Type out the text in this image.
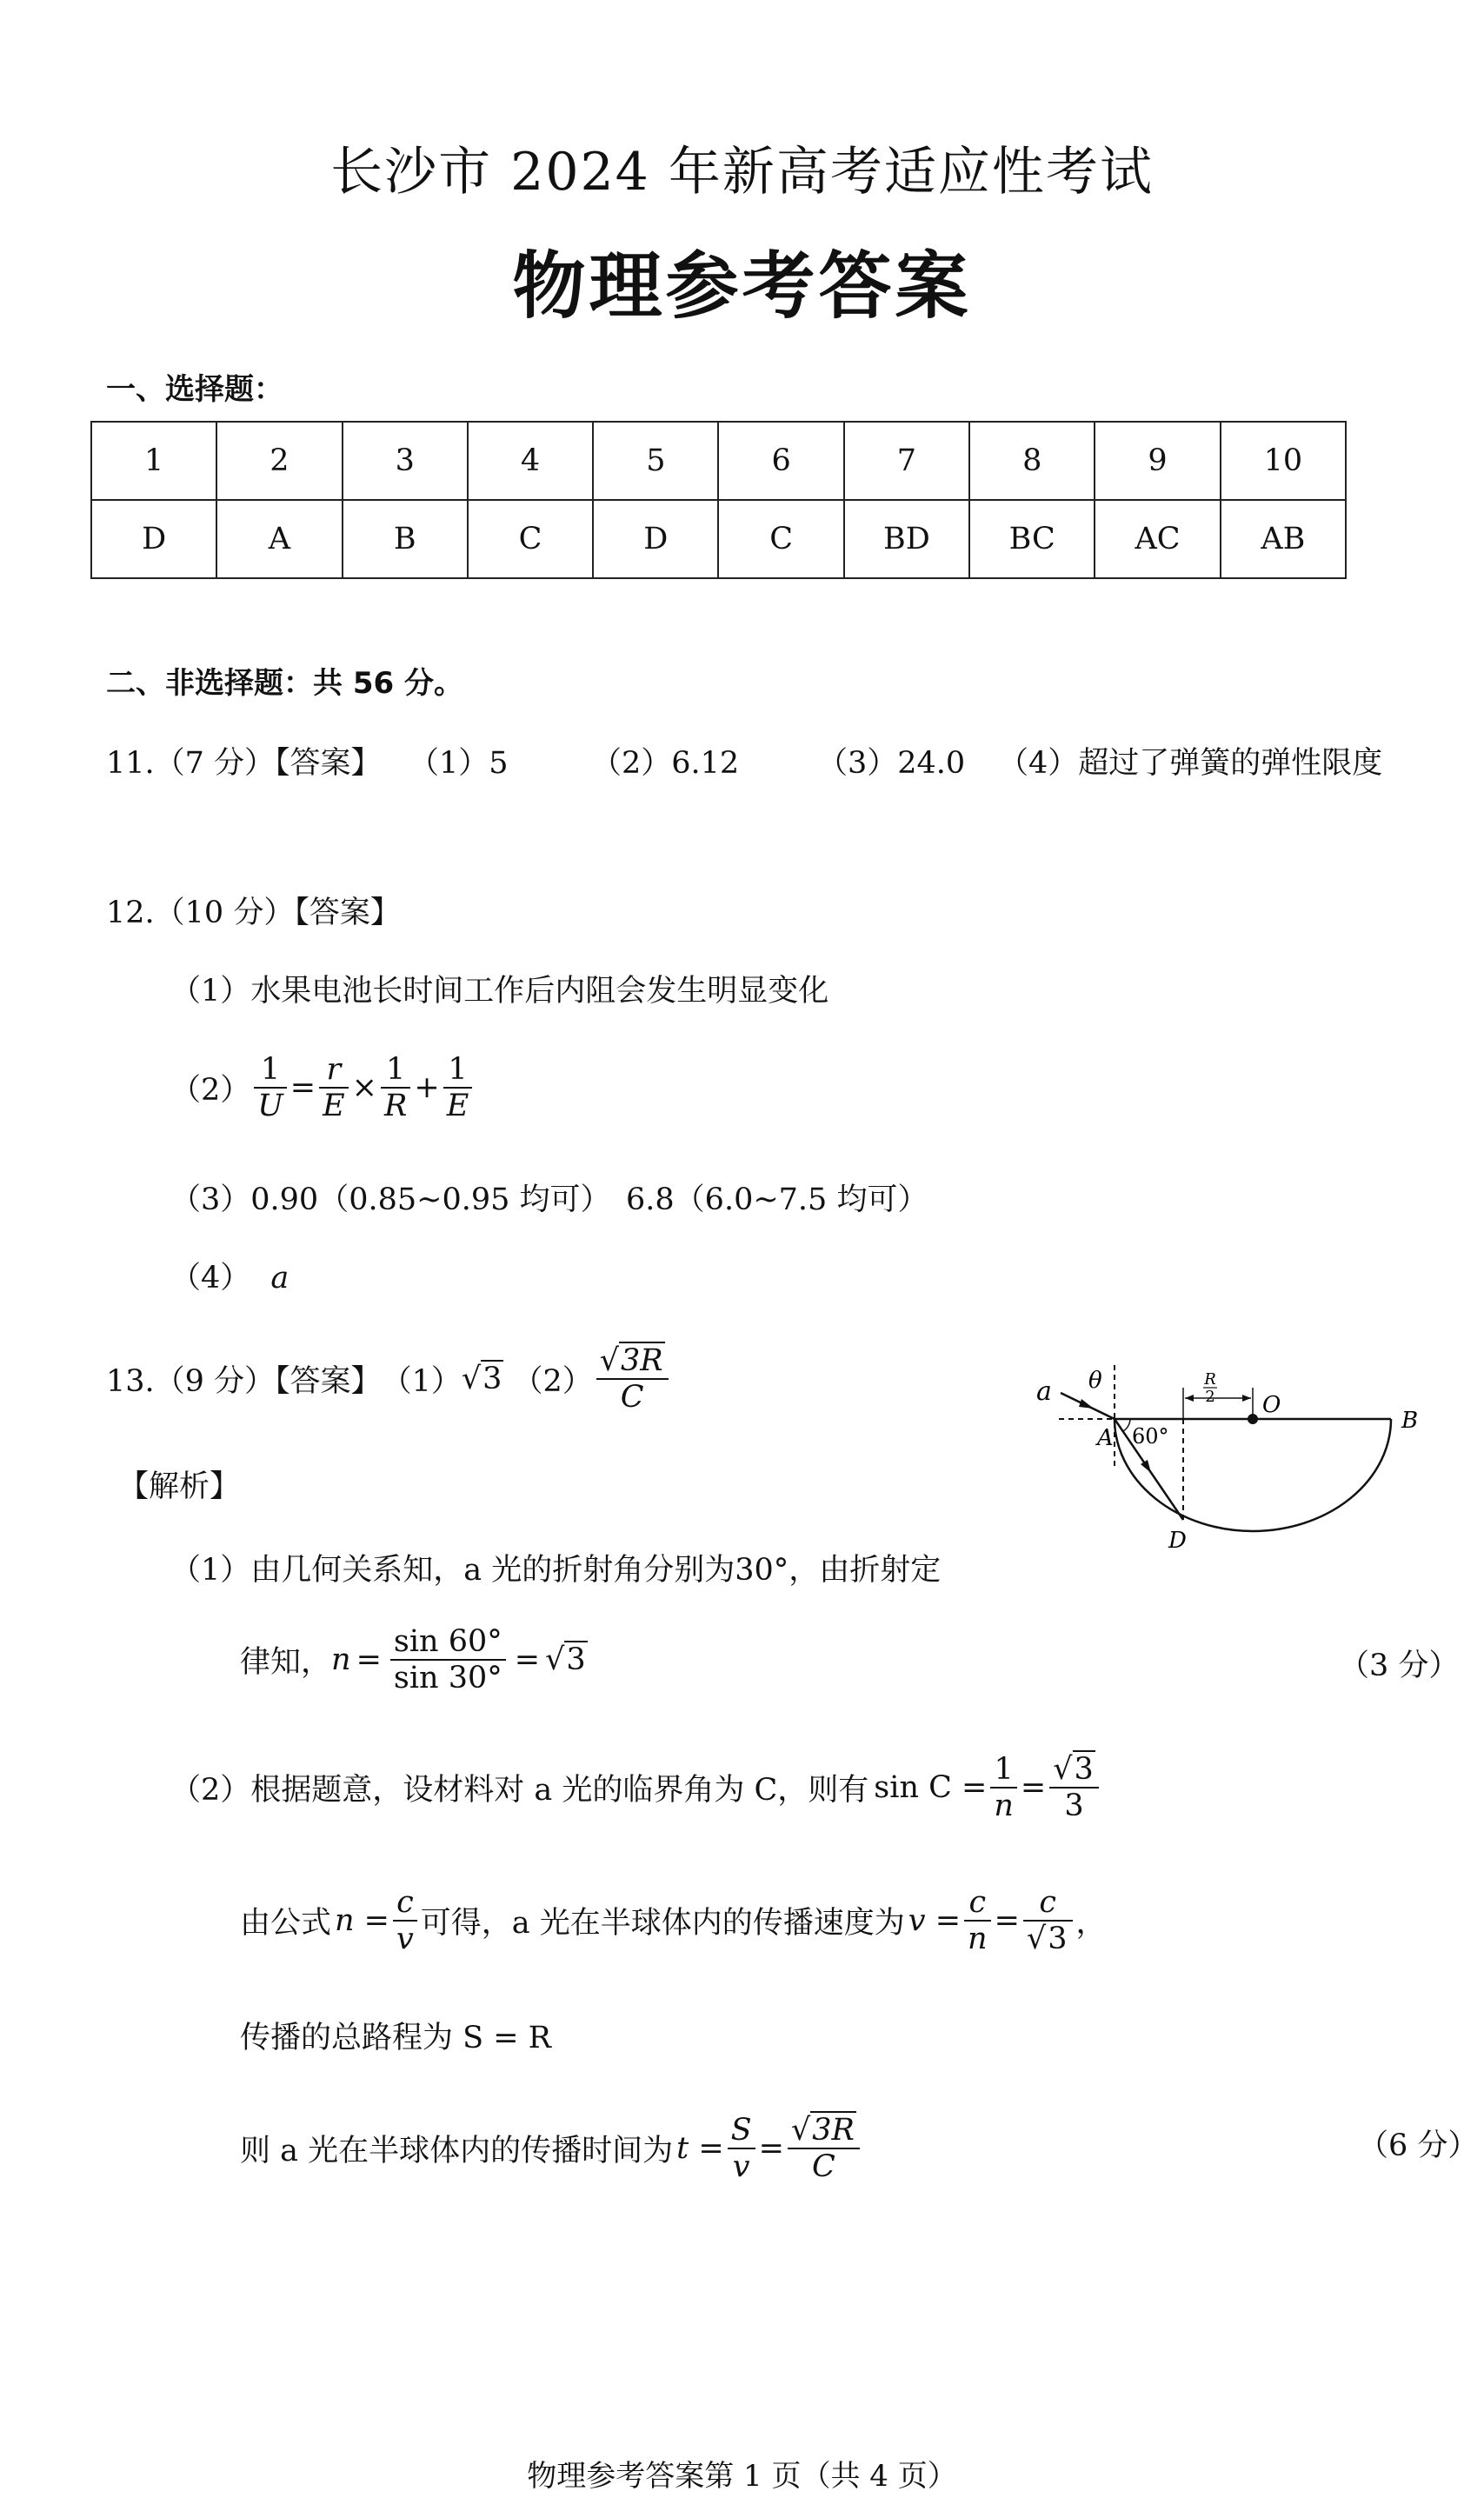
长沙市 2024 年新高考适应性考试
物理参考答案
一、选择题：
1	2	3	4	5	6	7	8	9	10
D	A	B	C	D	C	BD	BC	AC	AB
二、非选择题：共 56 分。
11.（7 分）【答案】 （1）5	（2）6.12	（3）24.0 （4）超过了弹簧的弹性限度
12.（10 分）【答案】
（1）水果电池长时间工作后内阻会发生明显变化
$(2) \frac{1}{U} = \frac{r}{E} \times \frac{1}{R} + \frac{1}{E}$
（3）0.90（0.85~0.95 均可）　6.8（6.0~7.5 均可）
（4） a
13.（9 分）【答案】 （1） √3 $(2) \frac{√3R}{C}$
【解析】
（1）由几何关系知，a 光的折射角分别为30°，由折射定
律知， $n = \frac{\sin 60^\circ}{\sin 30^\circ} = √3$	（3 分）
（2）根据题意，设材料对 a 光的临界角为 C，则有 $\sin C = \frac{1}{n} = \frac{√3}{3}$
由公式 $n = \frac{c}{v}$ 可得，a 光在半球体内的传播速度为 $v = \frac{c}{n} = \frac{c}{√3}$ ，
传播的总路程为 S = R
则 a 光在半球体内的传播时间为 $t = \frac{S}{v} = \frac{√3R}{C}$	（6 分）
a θ	R
2 O
B
A 60°
D
物理参考答案第 1 页（共 4 页）
